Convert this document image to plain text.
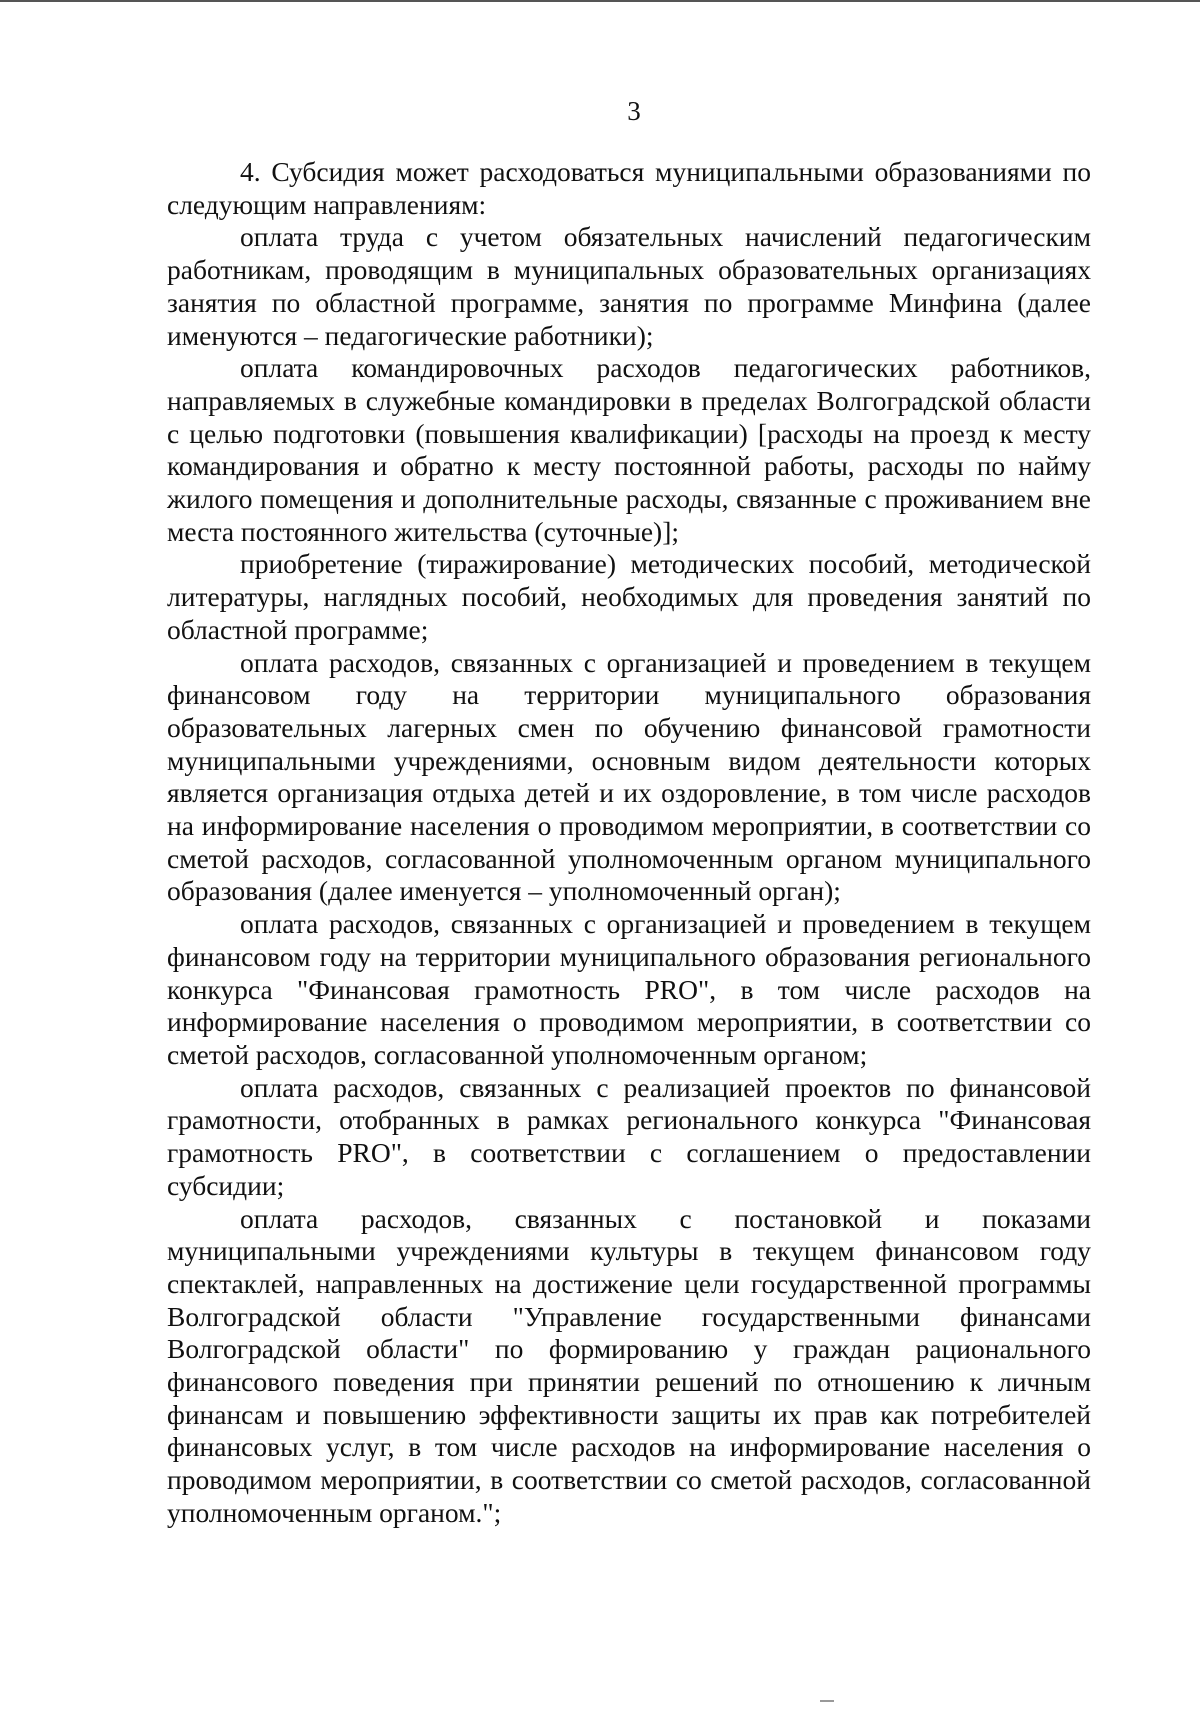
3

4. Субсидия может расходоваться муниципальными образованиями по следующим направлениям:

оплата труда с учетом обязательных начислений педагогическим работникам, проводящим в муниципальных образовательных организациях занятия по областной программе, занятия по программе Минфина (далее именуются – педагогические работники);

оплата командировочных расходов педагогических работников, направляемых в служебные командировки в пределах Волгоградской области с целью подготовки (повышения квалификации) [расходы на проезд к месту командирования и обратно к месту постоянной работы, расходы по найму жилого помещения и дополнительные расходы, связанные с проживанием вне места постоянного жительства (суточные)];

приобретение (тиражирование) методических пособий, методической литературы, наглядных пособий, необходимых для проведения занятий по областной программе;

оплата расходов, связанных с организацией и проведением в текущем финансовом году на территории муниципального образования образовательных лагерных смен по обучению финансовой грамотности муниципальными учреждениями, основным видом деятельности которых является организация отдыха детей и их оздоровление, в том числе расходов на информирование населения о проводимом мероприятии, в соответствии со сметой расходов, согласованной уполномоченным органом муниципального образования (далее именуется – уполномоченный орган);

оплата расходов, связанных с организацией и проведением в текущем финансовом году на территории муниципального образования регионального конкурса "Финансовая грамотность PRO", в том числе расходов на информирование населения о проводимом мероприятии, в соответствии со сметой расходов, согласованной уполномоченным органом;

оплата расходов, связанных с реализацией проектов по финансовой грамотности, отобранных в рамках регионального конкурса "Финансовая грамотность PRO", в соответствии с соглашением о предоставлении субсидии;

оплата расходов, связанных с постановкой и показами муниципальными учреждениями культуры в текущем финансовом году спектаклей, направленных на достижение цели государственной программы Волгоградской области "Управление государственными финансами Волгоградской области" по формированию у граждан рационального финансового поведения при принятии решений по отношению к личным финансам и повышению эффективности защиты их прав как потребителей финансовых услуг, в том числе расходов на информирование населения о проводимом мероприятии, в соответствии со сметой расходов, согласованной уполномоченным органом.";
